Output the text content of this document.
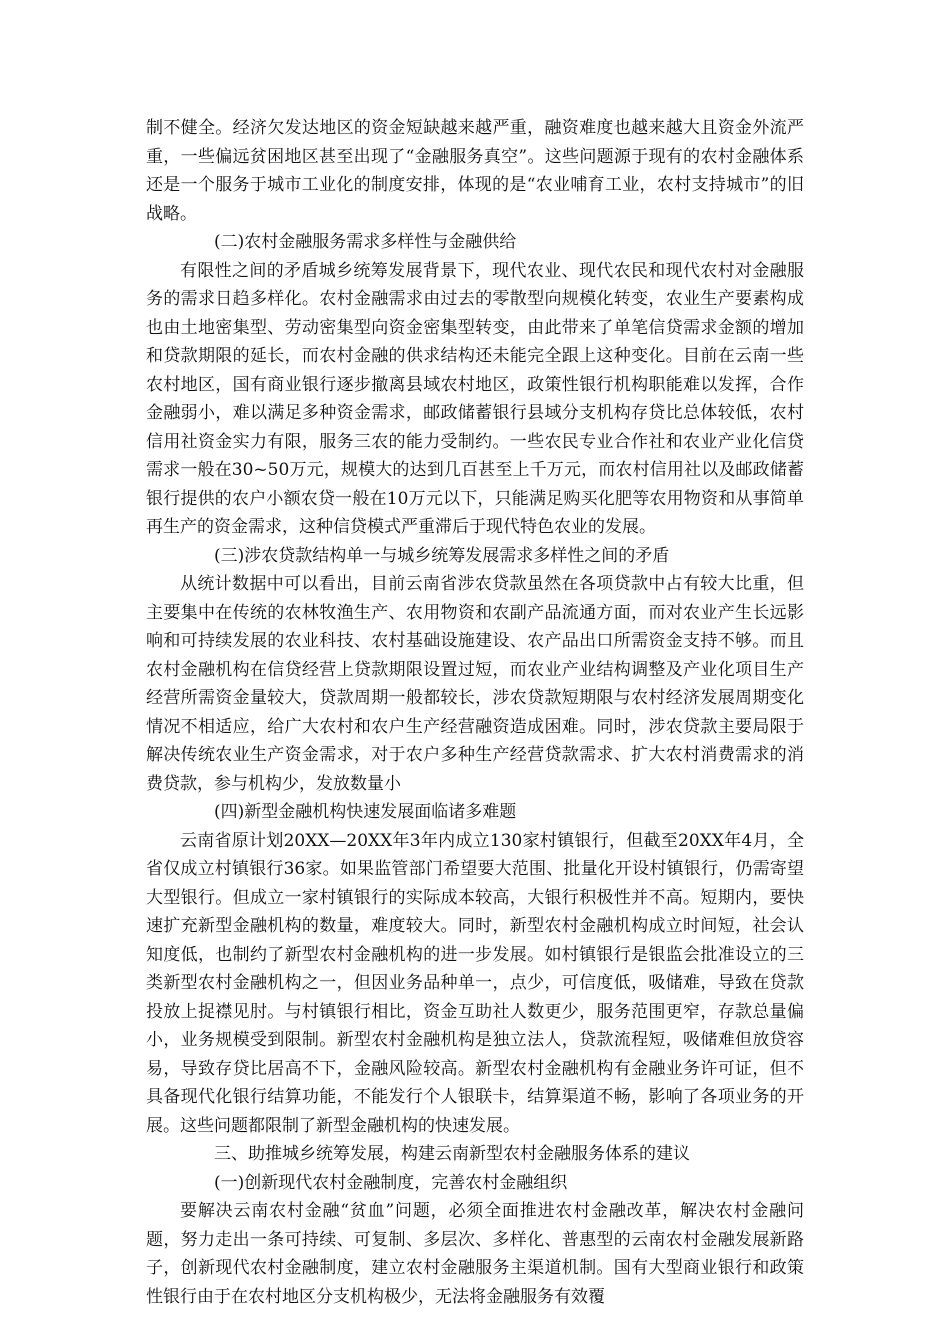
制不健全。经济欠发达地区的资金短缺越来越严重，融资难度也越来越大且资金外流严重，一些偏远贫困地区甚至出现了“金融服务真空”。这些问题源于现有的农村金融体系还是一个服务于城市工业化的制度安排，体现的是“农业哺育工业，农村支持城市”的旧战略。

(二)农村金融服务需求多样性与金融供给

有限性之间的矛盾城乡统筹发展背景下，现代农业、现代农民和现代农村对金融服务的需求日趋多样化。农村金融需求由过去的零散型向规模化转变，农业生产要素构成也由土地密集型、劳动密集型向资金密集型转变，由此带来了单笔信贷需求金额的增加和贷款期限的延长，而农村金融的供求结构还未能完全跟上这种变化。目前在云南一些农村地区，国有商业银行逐步撤离县域农村地区，政策性银行机构职能难以发挥，合作金融弱小，难以满足多种资金需求，邮政储蓄银行县域分支机构存贷比总体较低，农村信用社资金实力有限，服务三农的能力受制约。一些农民专业合作社和农业产业化信贷需求一般在30~50万元，规模大的达到几百甚至上千万元，而农村信用社以及邮政储蓄银行提供的农户小额农贷一般在10万元以下，只能满足购买化肥等农用物资和从事简单再生产的资金需求，这种信贷模式严重滞后于现代特色农业的发展。

(三)涉农贷款结构单一与城乡统筹发展需求多样性之间的矛盾

从统计数据中可以看出，目前云南省涉农贷款虽然在各项贷款中占有较大比重，但主要集中在传统的农林牧渔生产、农用物资和农副产品流通方面，而对农业产生长远影响和可持续发展的农业科技、农村基础设施建设、农产品出口所需资金支持不够。而且农村金融机构在信贷经营上贷款期限设置过短，而农业产业结构调整及产业化项目生产经营所需资金量较大，贷款周期一般都较长，涉农贷款短期限与农村经济发展周期变化情况不相适应，给广大农村和农户生产经营融资造成困难。同时，涉农贷款主要局限于解决传统农业生产资金需求，对于农户多种生产经营贷款需求、扩大农村消费需求的消费贷款，参与机构少，发放数量小

(四)新型金融机构快速发展面临诸多难题

云南省原计划20XX—20XX年3年内成立130家村镇银行，但截至20XX年4月，全省仅成立村镇银行36家。如果监管部门希望要大范围、批量化开设村镇银行，仍需寄望大型银行。但成立一家村镇银行的实际成本较高，大银行积极性并不高。短期内，要快速扩充新型金融机构的数量，难度较大。同时，新型农村金融机构成立时间短，社会认知度低，也制约了新型农村金融机构的进一步发展。如村镇银行是银监会批准设立的三类新型农村金融机构之一，但因业务品种单一，点少，可信度低，吸储难，导致在贷款投放上捉襟见肘。与村镇银行相比，资金互助社人数更少，服务范围更窄，存款总量偏小，业务规模受到限制。新型农村金融机构是独立法人，贷款流程短，吸储难但放贷容易，导致存贷比居高不下，金融风险较高。新型农村金融机构有金融业务许可证，但不具备现代化银行结算功能，不能发行个人银联卡，结算渠道不畅，影响了各项业务的开展。这些问题都限制了新型金融机构的快速发展。

三、助推城乡统筹发展，构建云南新型农村金融服务体系的建议

(一)创新现代农村金融制度，完善农村金融组织

要解决云南农村金融“贫血”问题，必须全面推进农村金融改革，解决农村金融问题，努力走出一条可持续、可复制、多层次、多样化、普惠型的云南农村金融发展新路子，创新现代农村金融制度，建立农村金融服务主渠道机制。国有大型商业银行和政策性银行由于在农村地区分支机构极少，无法将金融服务有效覆
